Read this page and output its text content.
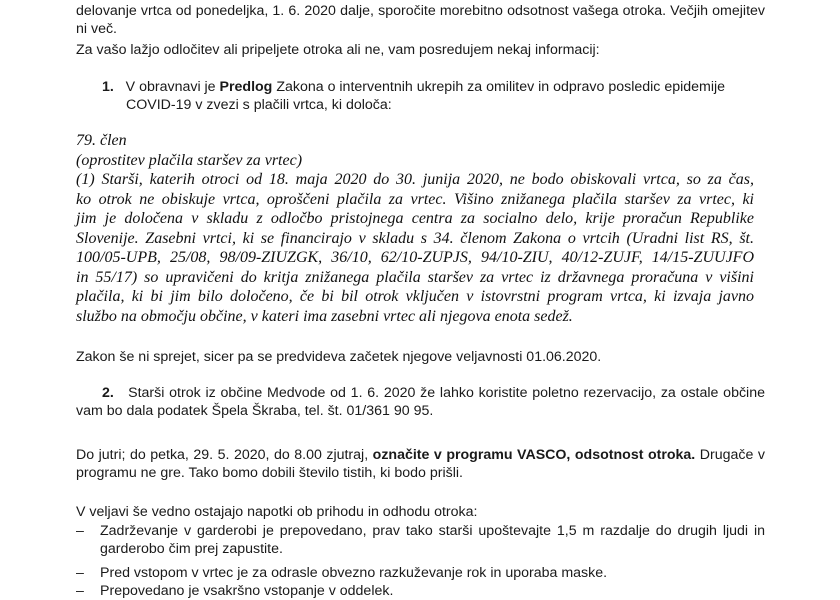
delovanje vrtca od ponedeljka, 1. 6. 2020 dalje, sporočite morebitno odsotnost vašega otroka. Večjih omejitev
ni več.
Za vašo lažjo odločitev ali pripeljete otroka ali ne, vam posredujem nekaj informacij:
1. V obravnavi je Predlog Zakona o interventnih ukrepih za omilitev in odpravo posledic epidemije
COVID-19 v zvezi s plačili vrtca, ki določa:
79. člen
(oprostitev plačila staršev za vrtec)
(1) Starši, katerih otroci od 18. maja 2020 do 30. junija 2020, ne bodo obiskovali vrtca, so za čas,
ko otrok ne obiskuje vrtca, oproščeni plačila za vrtec. Višino znižanega plačila staršev za vrtec, ki
jim je določena v skladu z odločbo pristojnega centra za socialno delo, krije proračun Republike
Slovenije. Zasebni vrtci, ki se financirajo v skladu s 34. členom Zakona o vrtcih (Uradni list RS, št.
100/05-UPB, 25/08, 98/09-ZIUZGK, 36/10, 62/10-ZUPJS, 94/10-ZIU, 40/12-ZUJF, 14/15-ZUUJFO
in 55/17) so upravičeni do kritja znižanega plačila staršev za vrtec iz državnega proračuna v višini
plačila, ki bi jim bilo določeno, če bi bil otrok vključen v istovrstni program vrtca, ki izvaja javno
službo na območju občine, v kateri ima zasebni vrtec ali njegova enota sedež.
Zakon še ni sprejet, sicer pa se predvideva začetek njegove veljavnosti 01.06.2020.
2. Starši otrok iz občine Medvode od 1. 6. 2020 že lahko koristite poletno rezervacijo, za ostale občine
vam bo dala podatek Špela Škraba, tel. št. 01/361 90 95.
Do jutri; do petka, 29. 5. 2020, do 8.00 zjutraj, označite v programu VASCO, odsotnost otroka. Drugače v
programu ne gre. Tako bomo dobili število tistih, ki bodo prišli.
V veljavi še vedno ostajajo napotki ob prihodu in odhodu otroka:
– Zadrževanje v garderobi je prepovedano, prav tako starši upoštevajte 1,5 m razdalje do drugih ljudi in
garderobo čim prej zapustite.
– Pred vstopom v vrtec je za odrasle obvezno razkuževanje rok in uporaba maske.
– Prepovedano je vsakršno vstopanje v oddelek.
